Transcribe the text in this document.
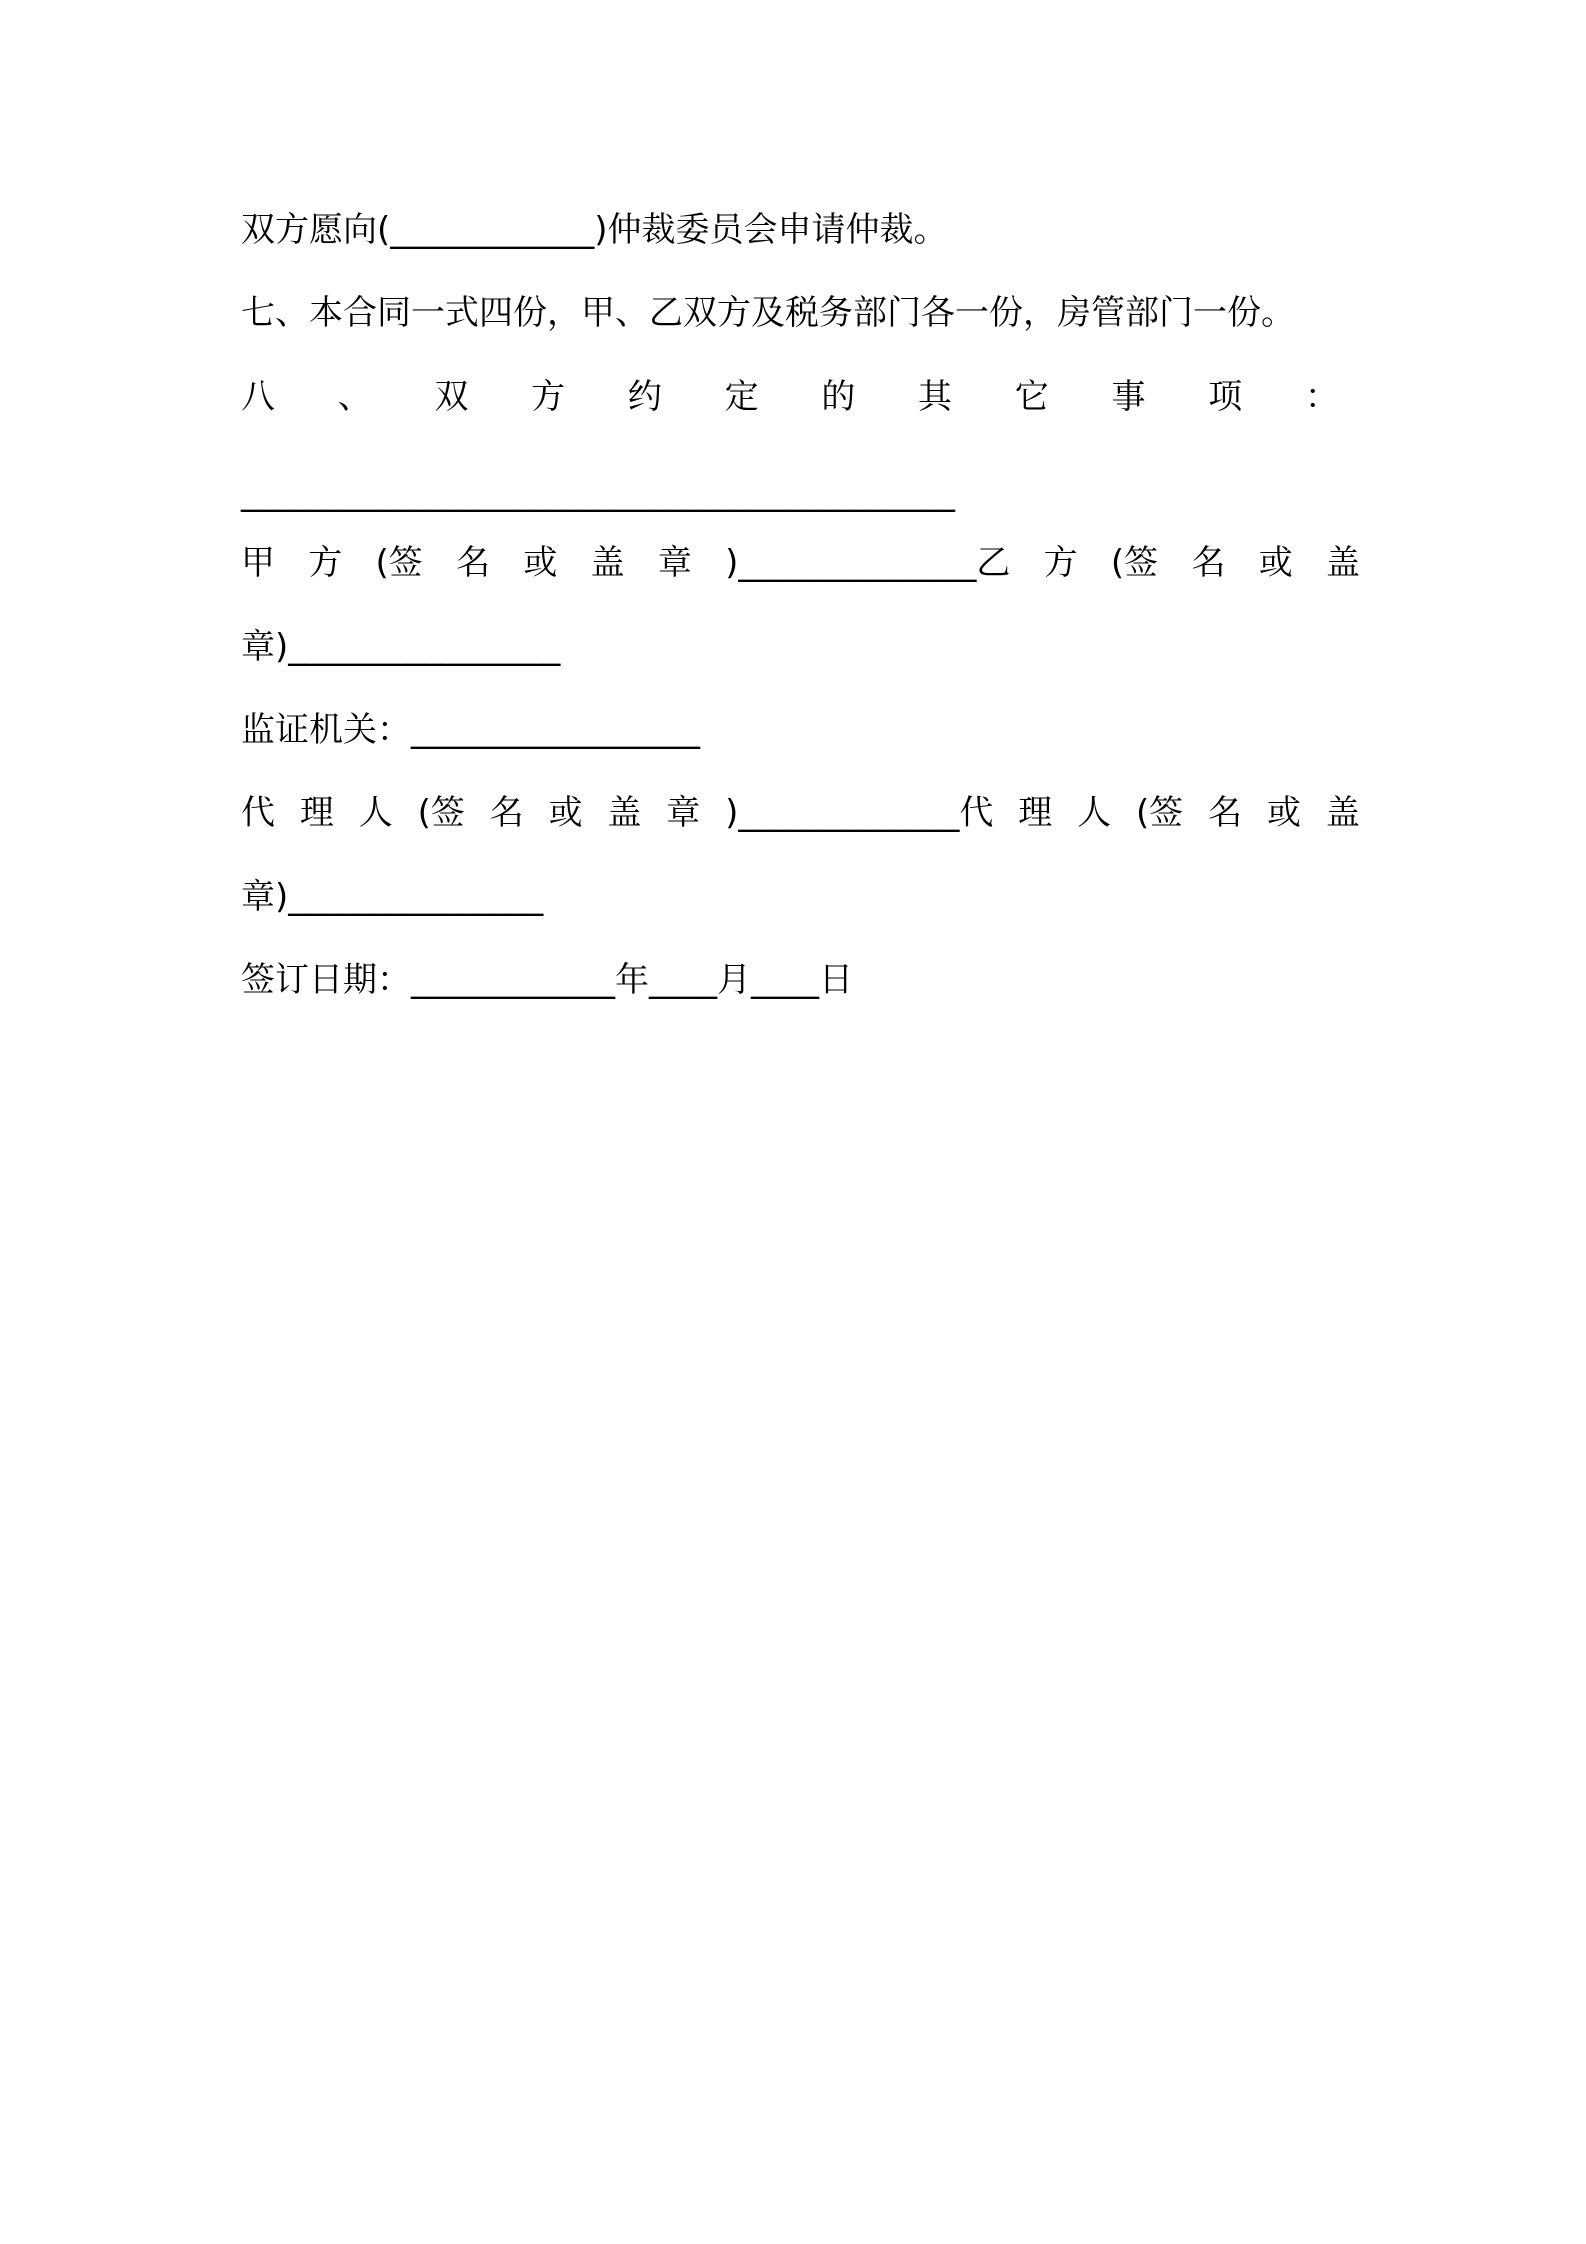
双方愿向(____________)仲裁委员会申请仲裁。
七、本合同一式四份，甲、乙双方及税务部门各一份，房管部门一份。
八 、 双 方 约 定 的 其 它 事 项 ：
__________________________________________
甲 方 (签 名 或 盖 章 )______________乙 方 (签 名 或 盖
章)________________
监证机关：_________________
代 理 人 (签 名 或 盖 章 )_____________代 理 人 (签 名 或 盖
章)_______________
签订日期：____________年____月____日
